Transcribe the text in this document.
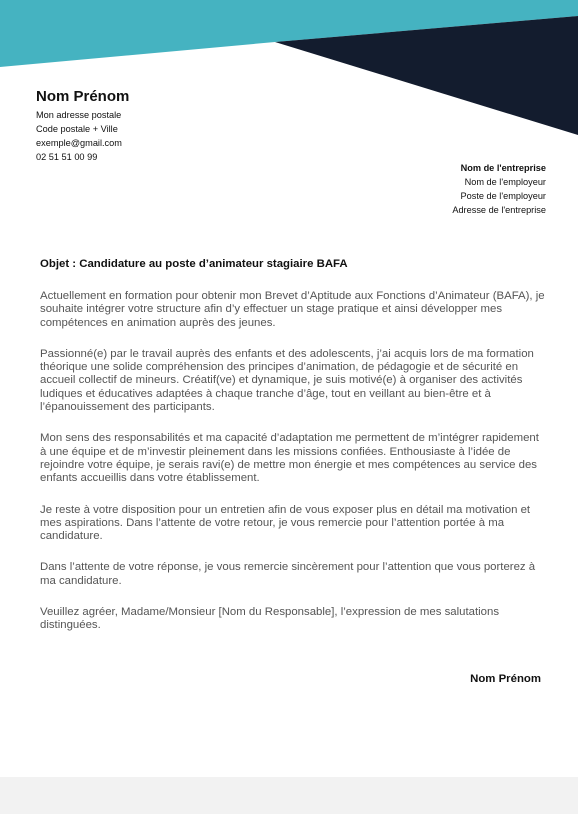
Nom Prénom
Mon adresse postale
Code postale + Ville
exemple@gmail.com
02 51 51 00 99
Nom de l'entreprise
Nom de l'employeur
Poste de l'employeur
Adresse de l'entreprise
Objet : Candidature au poste d’animateur stagiaire BAFA

Actuellement en formation pour obtenir mon Brevet d’Aptitude aux Fonctions d’Animateur (BAFA), je souhaite intégrer votre structure afin d’y effectuer un stage pratique et ainsi développer mes compétences en animation auprès des jeunes.

Passionné(e) par le travail auprès des enfants et des adolescents, j’ai acquis lors de ma formation théorique une solide compréhension des principes d’animation, de pédagogie et de sécurité en accueil collectif de mineurs. Créatif(ve) et dynamique, je suis motivé(e) à organiser des activités ludiques et éducatives adaptées à chaque tranche d’âge, tout en veillant au bien-être et à l’épanouissement des participants.

Mon sens des responsabilités et ma capacité d’adaptation me permettent de m’intégrer rapidement à une équipe et de m’investir pleinement dans les missions confiées. Enthousiaste à l’idée de rejoindre votre équipe, je serais ravi(e) de mettre mon énergie et mes compétences au service des enfants accueillis dans votre établissement.

Je reste à votre disposition pour un entretien afin de vous exposer plus en détail ma motivation et mes aspirations. Dans l’attente de votre retour, je vous remercie pour l’attention portée à ma candidature.

Dans l’attente de votre réponse, je vous remercie sincèrement pour l’attention que vous porterez à ma candidature.

Veuillez agréer, Madame/Monsieur [Nom du Responsable], l’expression de mes salutations distinguées.

Nom Prénom
